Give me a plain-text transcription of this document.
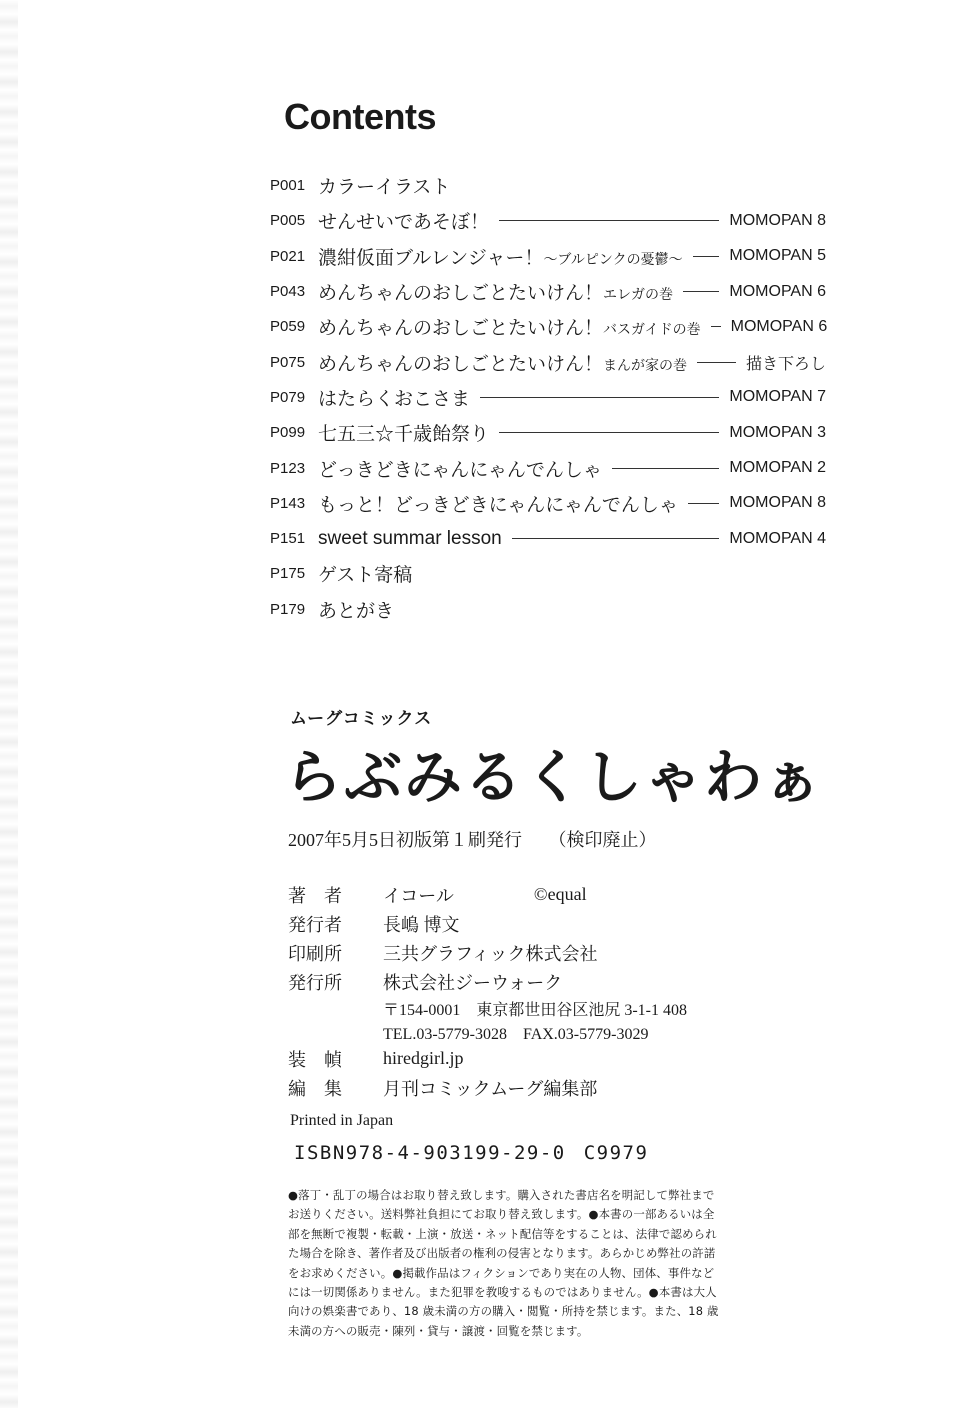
Contents
P001 カラーイラスト
P005 せんせいであそぼ！	MOMOPAN 8
P021 濃紺仮面ブルレンジャー！～ブルピンクの憂鬱～	MOMOPAN 5
P043 めんちゃんのおしごとたいけん！エレガの巻	MOMOPAN 6
P059 めんちゃんのおしごとたいけん！バスガイドの巻 MOMOPAN 6
P075 めんちゃんのおしごとたいけん！まんが家の巻	描き下ろし
P079 はたらくおこさま	MOMOPAN 7
P099 七五三☆千歳飴祭り	MOMOPAN 3
P123 どっきどきにゃんにゃんでんしゃ	MOMOPAN 2
P143 もっと！どっきどきにゃんにゃんでんしゃ	MOMOPAN 8
P151 sweet summar lesson	MOMOPAN 4
P175 ゲスト寄稿
P179 あとがき
ムーグコミックス
らぶみるくしゃわぁ
2007年5月5日初版第１刷発行 （検印廃止）
著　者	イコール	©equal
発行者	長嶋 博文
印刷所	三共グラフィック株式会社
発行所	株式会社ジーウォーク
〒154-0001　東京都世田谷区池尻 3-1-1 408
TEL.03-5779-3028　FAX.03-5779-3029
装　幀	hiredgirl.jp
編　集	月刊コミックムーグ編集部
Printed in Japan
ISBN978-4-903199-29-0 C9979
●落丁・乱丁の場合はお取り替え致します。購入された書店名を明記して弊社までお送りください。送料弊社負担にてお取り替え致します。●本書の一部あるいは全部を無断で複製・転載・上演・放送・ネット配信等をすることは、法律で認められた場合を除き、著作者及び出版者の権利の侵害となります。あらかじめ弊社の許諾をお求めください。●掲載作品はフィクションであり実在の人物、団体、事件などには一切関係ありません。また犯罪を教唆するものではありません。●本書は大人向けの娯楽書であり、18 歳未満の方の購入・閲覧・所持を禁じます。また、18 歳未満の方への販売・陳列・貸与・譲渡・回覧を禁じます。
